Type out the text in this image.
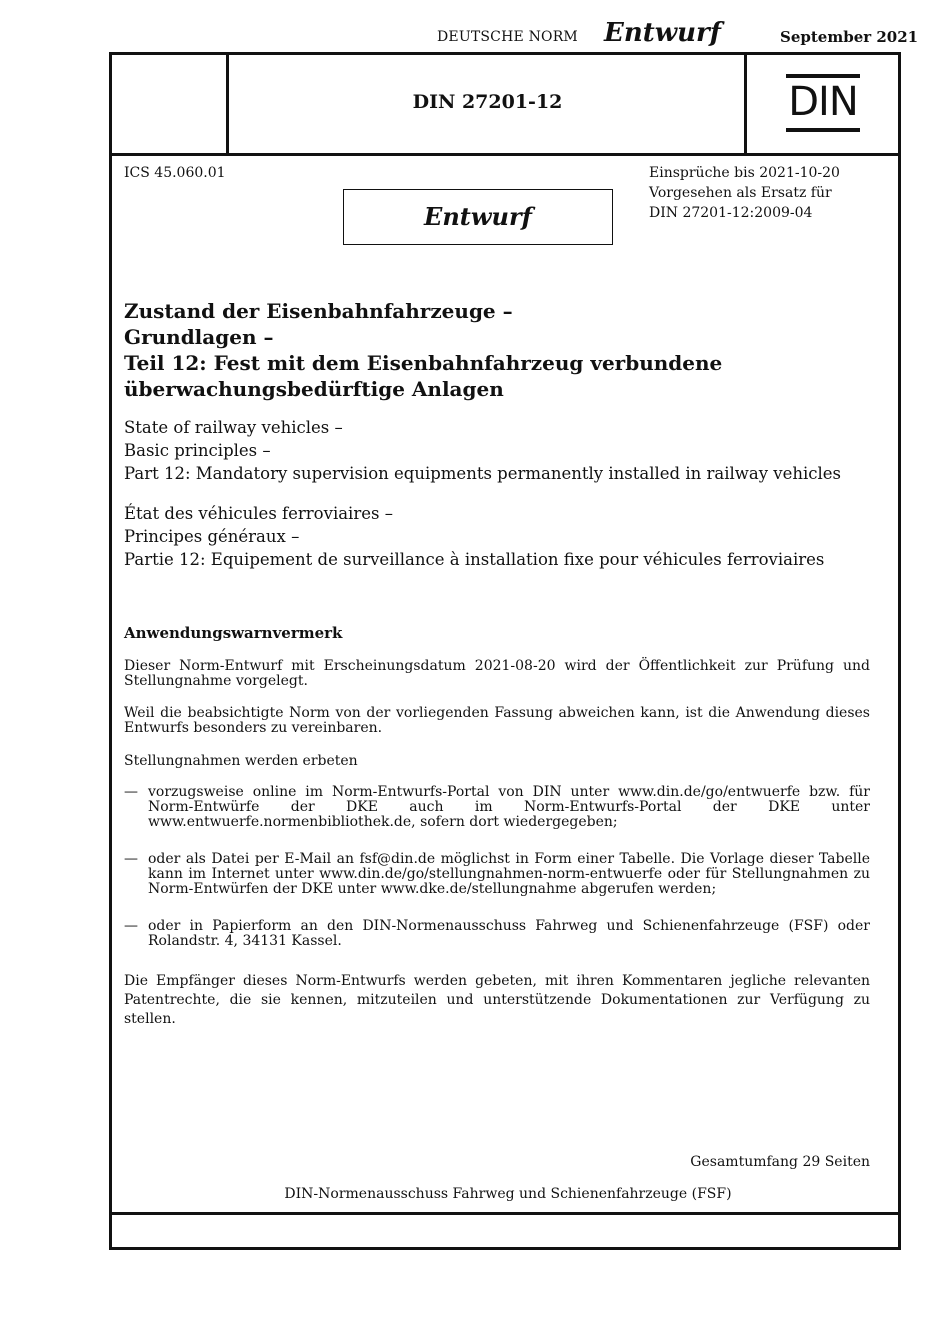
DEUTSCHE NORM Entwurf	September 2021
DIN 27201-12	DIN
ICS 45.060.01	Einsprüche bis 2021-10-20
Vorgesehen als Ersatz für
DIN 27201-12:2009-04
Entwurf
Zustand der Eisenbahnfahrzeuge –
Grundlagen –
Teil 12: Fest mit dem Eisenbahnfahrzeug verbundene
überwachungsbedürftige Anlagen
State of railway vehicles –
Basic principles –
Part 12: Mandatory supervision equipments permanently installed in railway vehicles
État des véhicules ferroviaires –
Principes généraux –
Partie 12: Equipement de surveillance à installation fixe pour véhicules ferroviaires
Anwendungswarnvermerk
Dieser Norm-Entwurf mit Erscheinungsdatum 2021-08-20 wird der Öffentlichkeit zur Prüfung und Stellungnahme vorgelegt.
Weil die beabsichtigte Norm von der vorliegenden Fassung abweichen kann, ist die Anwendung dieses Entwurfs besonders zu vereinbaren.
Stellungnahmen werden erbeten
— vorzugsweise online im Norm-Entwurfs-Portal von DIN unter www.din.de/go/entwuerfe bzw. für Norm-Entwürfe der DKE auch im Norm-Entwurfs-Portal der DKE unter www.entwuerfe.normenbibliothek.de, sofern dort wiedergegeben;
— oder als Datei per E-Mail an fsf@din.de möglichst in Form einer Tabelle. Die Vorlage dieser Tabelle kann im Internet unter www.din.de/go/stellungnahmen-norm-entwuerfe oder für Stellungnahmen zu Norm-Entwürfen der DKE unter www.dke.de/stellungnahme abgerufen werden;
— oder in Papierform an den DIN-Normenausschuss Fahrweg und Schienenfahrzeuge (FSF) oder Rolandstr. 4, 34131 Kassel.
Die Empfänger dieses Norm-Entwurfs werden gebeten, mit ihren Kommentaren jegliche relevanten Patentrechte, die sie kennen, mitzuteilen und unterstützende Dokumentationen zur Verfügung zu stellen.
Gesamtumfang 29 Seiten
DIN-Normenausschuss Fahrweg und Schienenfahrzeuge (FSF)
